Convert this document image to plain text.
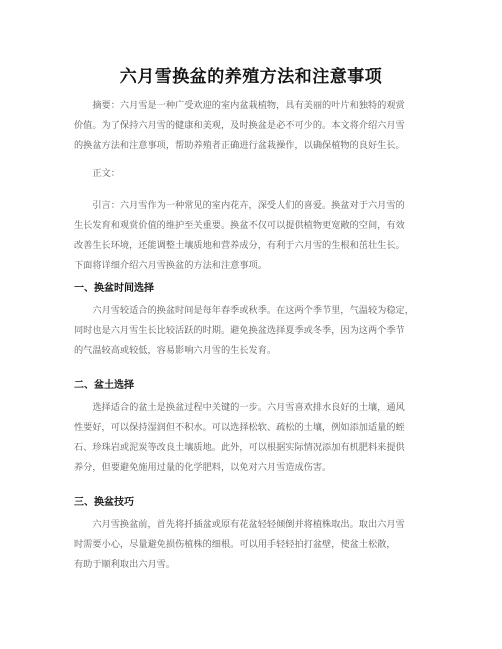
六月雪换盆的养殖方法和注意事项

　　摘要：六月雪是一种广受欢迎的室内盆栽植物，具有美丽的叶片和独特的观赏
价值。为了保持六月雪的健康和美观，及时换盆是必不可少的。本文将介绍六月雪
的换盆方法和注意事项，帮助养殖者正确进行盆栽操作，以确保植物的良好生长。

　　正文：

　　引言：六月雪作为一种常见的室内花卉，深受人们的喜爱。换盆对于六月雪的
生长发育和观赏价值的维护至关重要。换盆不仅可以提供植物更宽敞的空间，有效
改善生长环境，还能调整土壤质地和营养成分，有利于六月雪的生根和茁壮生长。
下面将详细介绍六月雪换盆的方法和注意事项。

一、换盆时间选择

　　六月雪较适合的换盆时间是每年春季或秋季。在这两个季节里，气温较为稳定，
同时也是六月雪生长比较活跃的时期。避免换盆选择夏季或冬季，因为这两个季节
的气温较高或较低，容易影响六月雪的生长发育。

二、盆土选择

　　选择适合的盆土是换盆过程中关键的一步。六月雪喜欢排水良好的土壤，通风
性要好，可以保持湿润但不积水。可以选择松软、疏松的土壤，例如添加适量的蛭
石、珍珠岩或泥炭等改良土壤质地。此外，可以根据实际情况添加有机肥料来提供
养分，但要避免施用过量的化学肥料，以免对六月雪造成伤害。

三、换盆技巧

　　六月雪换盆前，首先将扦插盆或原有花盆轻轻倾倒并将植株取出。取出六月雪
时需要小心，尽量避免损伤植株的细根。可以用手轻轻拍打盆壁，使盆土松散，
有助于顺利取出六月雪。
